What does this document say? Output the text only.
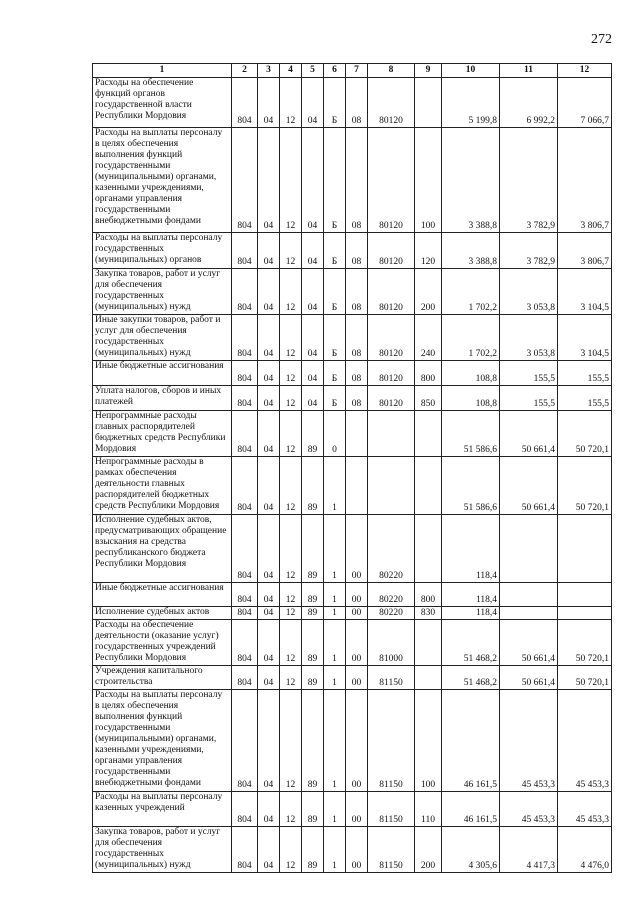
272
1	2	3	4	5	6	7	8	9	10	11	12
Расходы на обеспечение функций органов государственной власти Республики Мордовия	804	04	12	04	Б	08	80120		5 199,8	6 992,2	7 066,7
Расходы на выплаты персоналу в целях обеспечения выполнения функций государственными (муниципальными) органами, казенными учреждениями, органами управления государственными внебюджетными фондами	804	04	12	04	Б	08	80120	100	3 388,8	3 782,9	3 806,7
Расходы на выплаты персоналу государственных (муниципальных) органов	804	04	12	04	Б	08	80120	120	3 388,8	3 782,9	3 806,7
Закупка товаров, работ и услуг для обеспечения государственных (муниципальных) нужд	804	04	12	04	Б	08	80120	200	1 702,2	3 053,8	3 104,5
Иные закупки товаров, работ и услуг для обеспечения государственных (муниципальных) нужд	804	04	12	04	Б	08	80120	240	1 702,2	3 053,8	3 104,5
Иные бюджетные ассигнования	804	04	12	04	Б	08	80120	800	108,8	155,5	155,5
Уплата налогов, сборов и иных платежей	804	04	12	04	Б	08	80120	850	108,8	155,5	155,5
Непрограммные расходы главных распорядителей бюджетных средств Республики Мордовия	804	04	12	89	0				51 586,6	50 661,4	50 720,1
Непрограммные расходы в рамках обеспечения деятельности главных распорядителей бюджетных средств Республики Мордовия	804	04	12	89	1				51 586,6	50 661,4	50 720,1
Исполнение судебных актов, предусматривающих обращение взыскания на средства республиканского бюджета Республики Мордовия	804	04	12	89	1	00	80220		118,4		
Иные бюджетные ассигнования	804	04	12	89	1	00	80220	800	118,4		
Исполнение судебных актов	804	04	12	89	1	00	80220	830	118,4		
Расходы на обеспечение деятельности (оказание услуг) государственных учреждений Республики Мордовия	804	04	12	89	1	00	81000		51 468,2	50 661,4	50 720,1
Учреждения капитального строительства	804	04	12	89	1	00	81150		51 468,2	50 661,4	50 720,1
Расходы на выплаты персоналу в целях обеспечения выполнения функций государственными (муниципальными) органами, казенными учреждениями, органами управления государственными внебюджетными фондами	804	04	12	89	1	00	81150	100	46 161,5	45 453,3	45 453,3
Расходы на выплаты персоналу казенных учреждений	804	04	12	89	1	00	81150	110	46 161,5	45 453,3	45 453,3
Закупка товаров, работ и услуг для обеспечения государственных (муниципальных) нужд	804	04	12	89	1	00	81150	200	4 305,6	4 417,3	4 476,0
